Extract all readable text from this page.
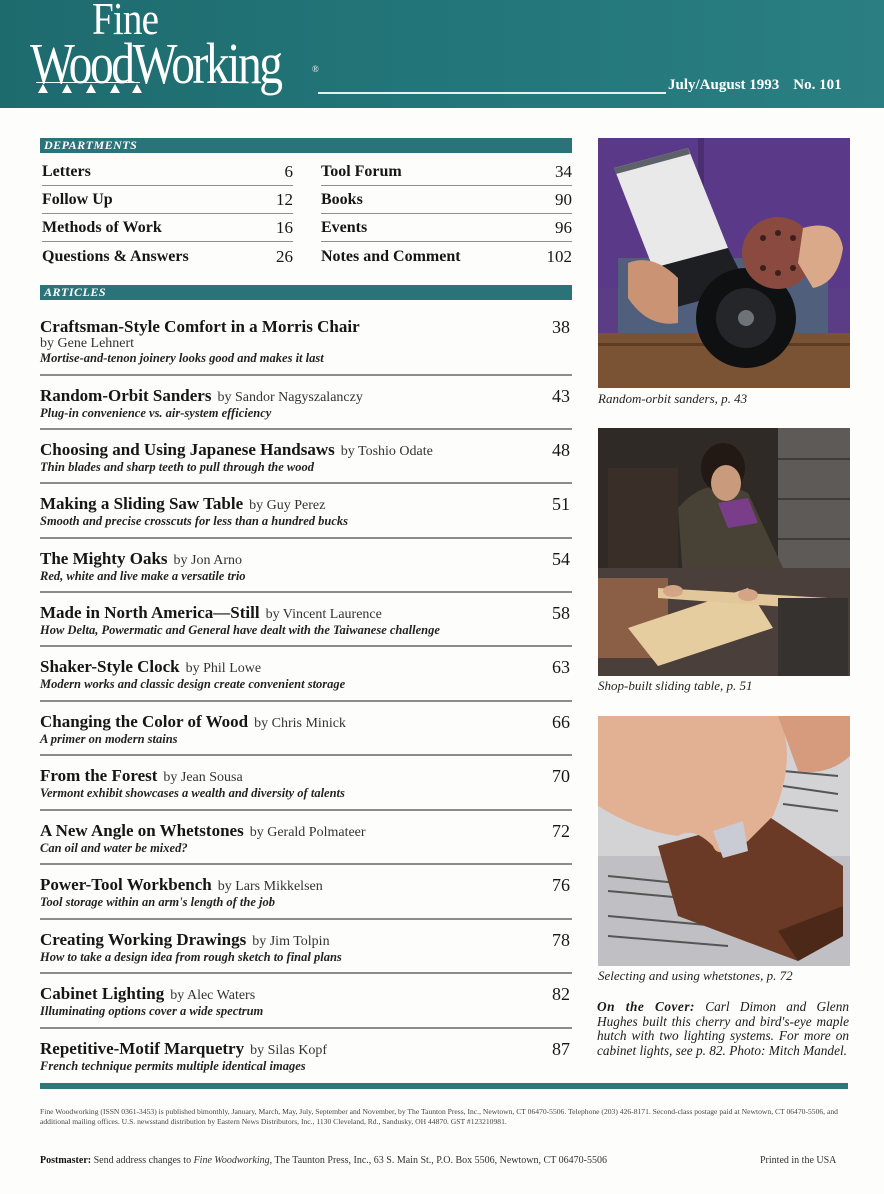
Fine
WoodWorking	®
July/August 1993 No. 101
DEPARTMENTS
Letters	6
Follow Up	12
Methods of Work	16
Questions & Answers	26
Tool Forum	34
Books	90
Events	96
Notes and Comment	102
ARTICLES
Craftsman-Style Comfort in a Morris Chair
by Gene Lehnert
Mortise-and-tenon joinery looks good and makes it last
38
Random-Orbit Sanders by Sandor Nagyszalanczy
Plug-in convenience vs. air-system efficiency
43
Choosing and Using Japanese Handsaws by Toshio Odate
Thin blades and sharp teeth to pull through the wood
48
Making a Sliding Saw Table by Guy Perez
Smooth and precise crosscuts for less than a hundred bucks
51
The Mighty Oaks by Jon Arno
Red, white and live make a versatile trio
54
Made in North America—Still by Vincent Laurence
How Delta, Powermatic and General have dealt with the Taiwanese challenge
58
Shaker-Style Clock by Phil Lowe
Modern works and classic design create convenient storage
63
Changing the Color of Wood by Chris Minick
A primer on modern stains
66
From the Forest by Jean Sousa
Vermont exhibit showcases a wealth and diversity of talents
70
A New Angle on Whetstones by Gerald Polmateer
Can oil and water be mixed?
72
Power-Tool Workbench by Lars Mikkelsen
Tool storage within an arm's length of the job
76
Creating Working Drawings by Jim Tolpin
How to take a design idea from rough sketch to final plans
78
Cabinet Lighting by Alec Waters
Illuminating options cover a wide spectrum
82
Repetitive-Motif Marquetry by Silas Kopf
French technique permits multiple identical images
87
Random-orbit sanders, p. 43
Shop-built sliding table, p. 51
Selecting and using whetstones, p. 72
On the Cover: Carl Dimon and Glenn Hughes built this cherry and bird's-eye maple hutch with two lighting systems. For more on cabinet lights, see p. 82. Photo: Mitch Mandel.
Fine Woodworking (ISSN 0361-3453) is published bimonthly, January, March, May, July, September and November, by The Taunton Press, Inc., Newtown, CT 06470-5506. Telephone (203) 426-8171. Second-class postage paid at Newtown, CT 06470-5506, and additional mailing offices. U.S. newsstand distribution by Eastern News Distributors, Inc., 1130 Cleveland, Rd., Sandusky, OH 44870. GST #123210981.
Postmaster: Send address changes to Fine Woodworking, The Taunton Press, Inc., 63 S. Main St., P.O. Box 5506, Newtown, CT 06470-5506	Printed in the USA
